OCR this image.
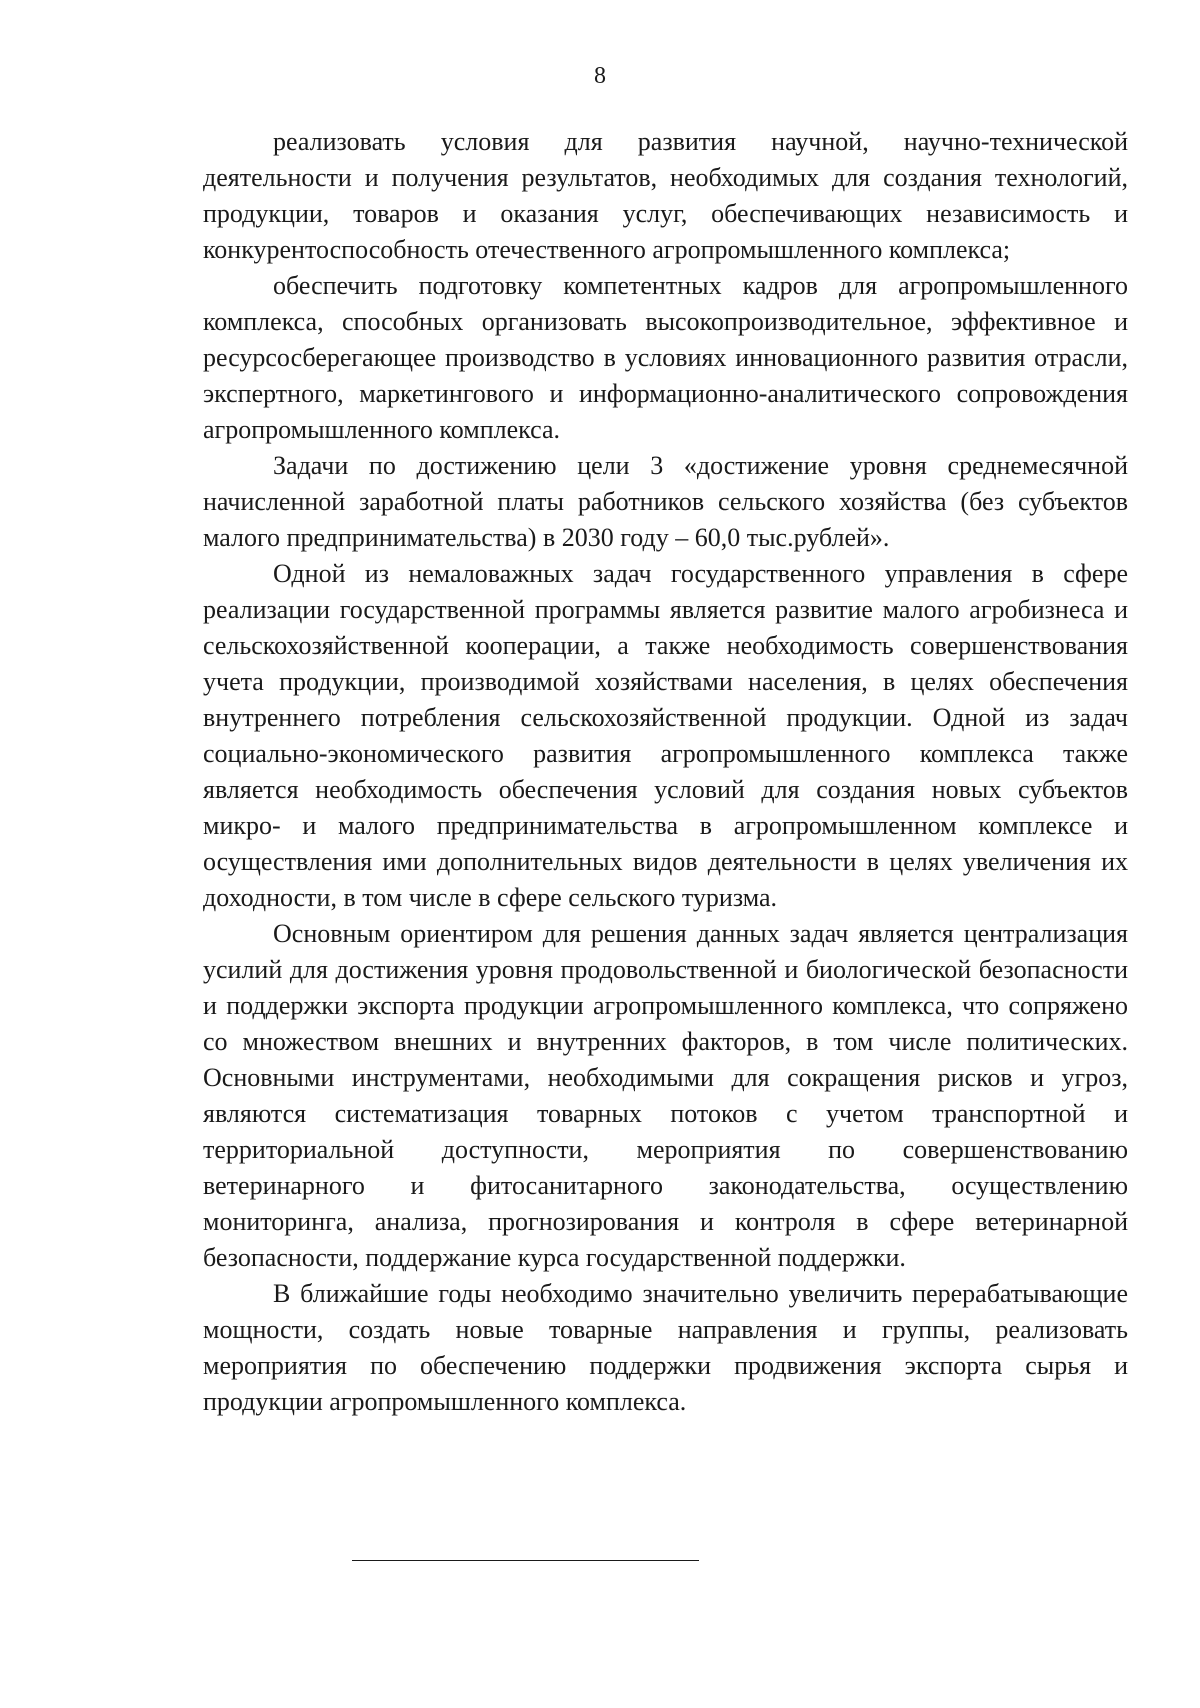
8

реализовать условия для развития научной, научно-технической деятельности и получения результатов, необходимых для создания технологий, продукции, товаров и оказания услуг, обеспечивающих независимость и конкурентоспособность отечественного агропромышленного комплекса;

обеспечить подготовку компетентных кадров для агропромышленного комплекса, способных организовать высокопроизводительное, эффективное и ресурсосберегающее производство в условиях инновационного развития отрасли, экспертного, маркетингового и информационно-аналитического сопровождения агропромышленного комплекса.

Задачи по достижению цели 3 «достижение уровня среднемесячной начисленной заработной платы работников сельского хозяйства (без субъектов малого предпринимательства) в 2030 году – 60,0 тыс.рублей».

Одной из немаловажных задач государственного управления в сфере реализации государственной программы является развитие малого агробизнеса и сельскохозяйственной кооперации, а также необходимость совершенствования учета продукции, производимой хозяйствами населения, в целях обеспечения внутреннего потребления сельскохозяйственной продукции. Одной из задач социально-экономического развития агропромышленного комплекса также является необходимость обеспечения условий для создания новых субъектов микро- и малого предпринимательства в агропромышленном комплексе и осуществления ими дополнительных видов деятельности в целях увеличения их доходности, в том числе в сфере сельского туризма.

Основным ориентиром для решения данных задач является централизация усилий для достижения уровня продовольственной и биологической безопасности и поддержки экспорта продукции агропромышленного комплекса, что сопряжено со множеством внешних и внутренних факторов, в том числе политических. Основными инструментами, необходимыми для сокращения рисков и угроз, являются систематизация товарных потоков с учетом транспортной и территориальной доступности, мероприятия по совершенствованию ветеринарного и фитосанитарного законодательства, осуществлению мониторинга, анализа, прогнозирования и контроля в сфере ветеринарной безопасности, поддержание курса государственной поддержки.

В ближайшие годы необходимо значительно увеличить перерабатывающие мощности, создать новые товарные направления и группы, реализовать мероприятия по обеспечению поддержки продвижения экспорта сырья и продукции агропромышленного комплекса.
